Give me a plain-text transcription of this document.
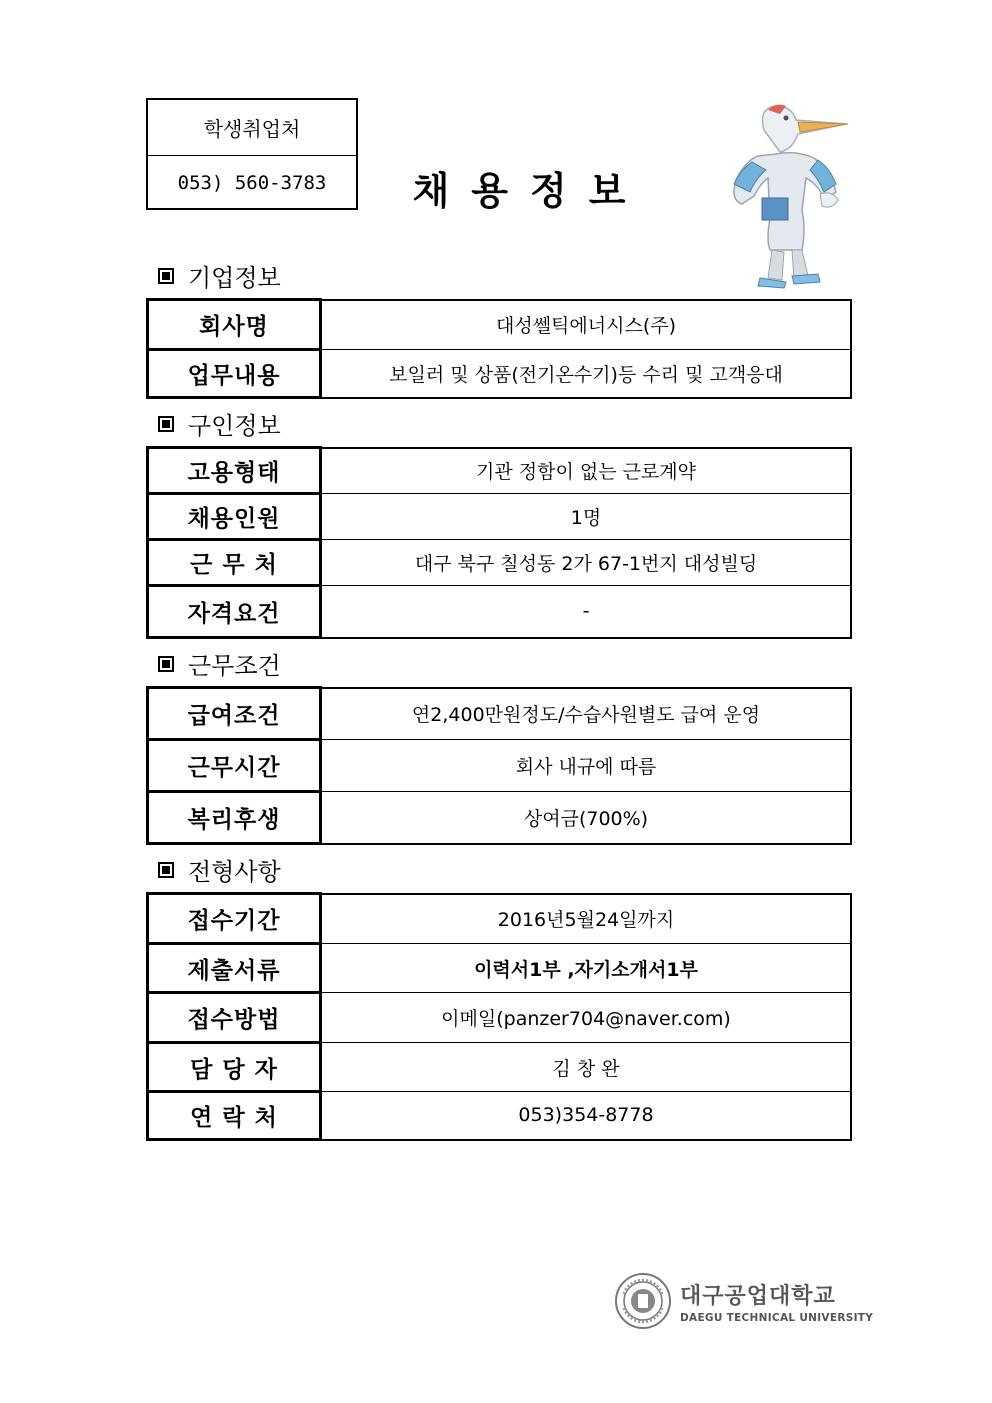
학생취업처
053) 560-3783	채용정보
기업정보
회사명	대성쎌틱에너시스(주)
업무내용	보일러 및 상품(전기온수기)등 수리 및 고객응대
구인정보
고용형태	기관 정함이 없는 근로계약
채용인원	1명
근 무 처	대구 북구 칠성동 2가 67-1번지 대성빌딩
자격요건	-
근무조건
급여조건	연2,400만원정도/수습사원별도 급여 운영
근무시간	회사 내규에 따름
복리후생	상여금(700%)
전형사항
접수기간	2016년5월24일까지
제출서류	이력서1부 ,자기소개서1부
접수방법	이메일(panzer704@naver.com)
담 당 자	김 창 완
연 락 처	053)354-8778
대구공업대학교
DAEGU TECHNICAL UNIVERSITY
